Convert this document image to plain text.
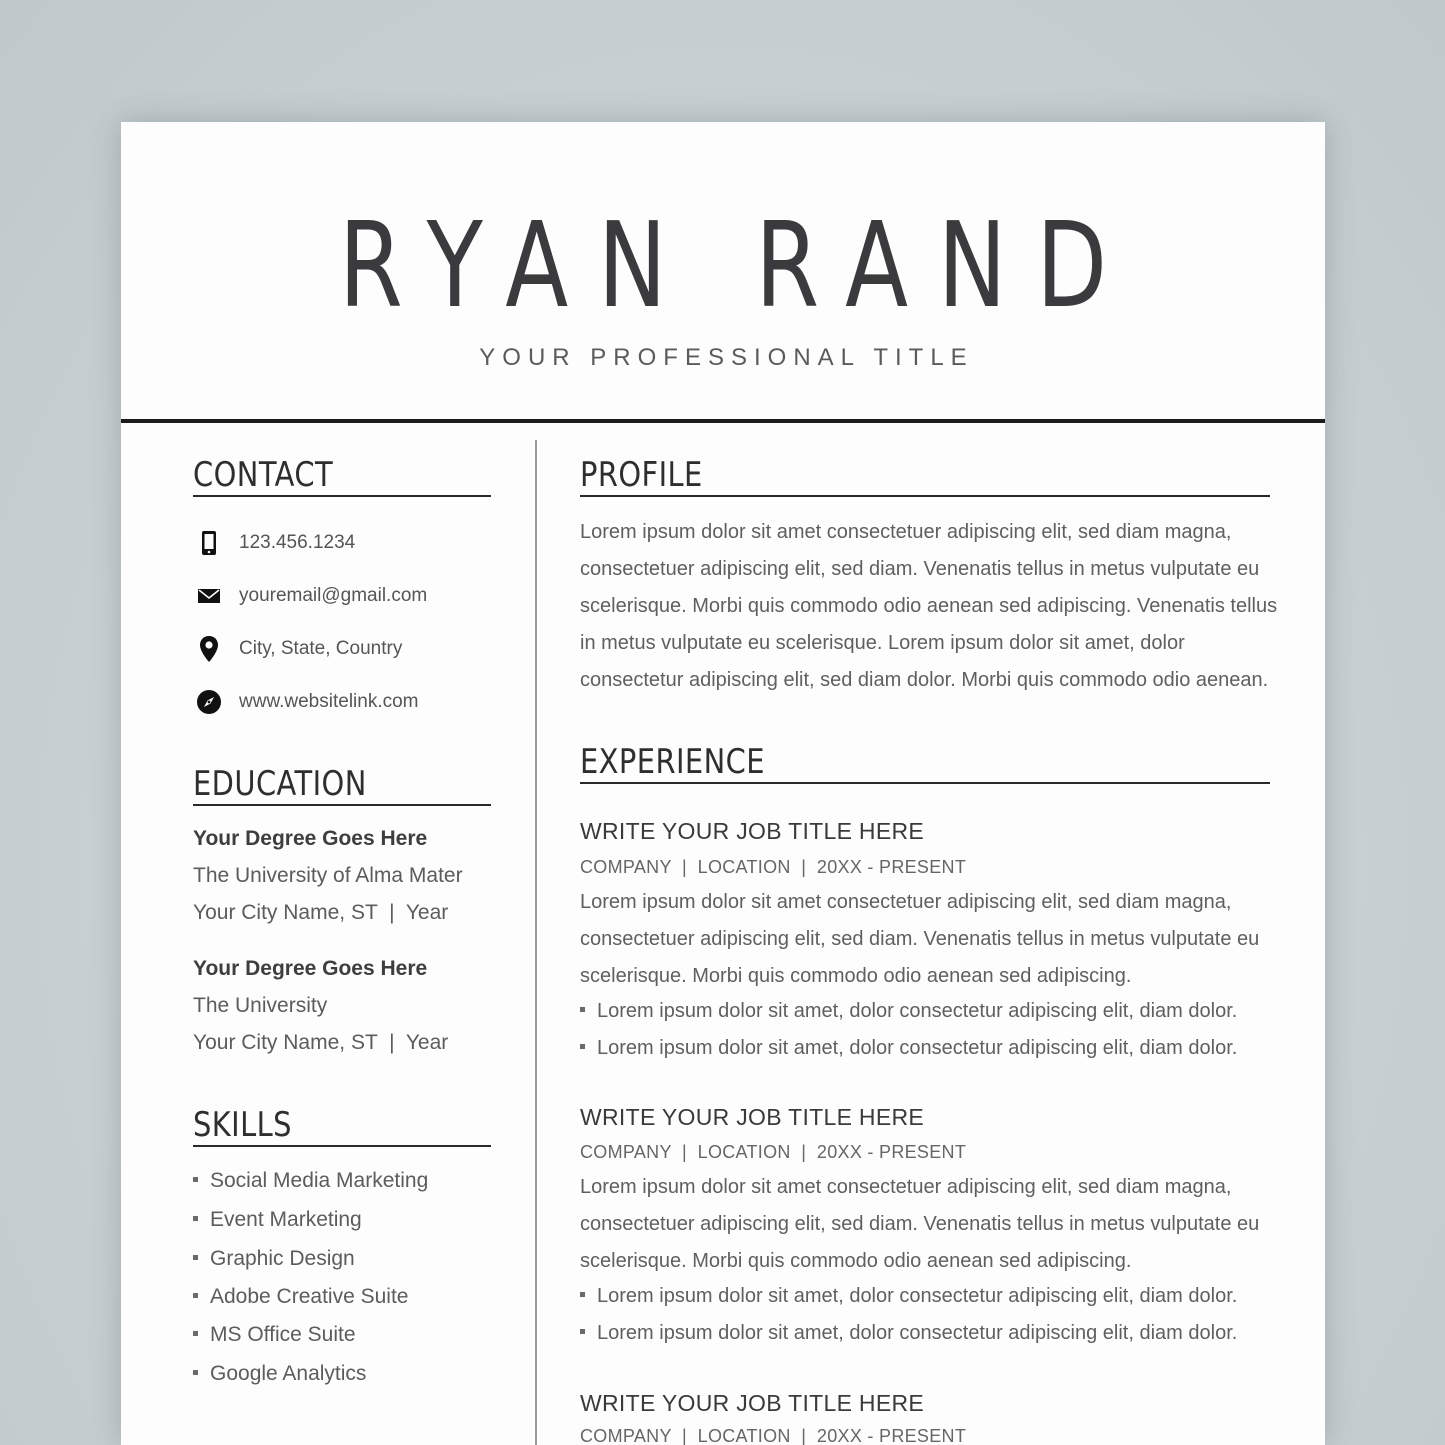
RYAN RAND
YOUR PROFESSIONAL TITLE
CONTACT
123.456.1234
youremail@gmail.com
City, State, Country
www.websitelink.com
EDUCATION
Your Degree Goes Here
The University of Alma Mater
Your City Name, ST  |  Year
Your Degree Goes Here
The University
Your City Name, ST  |  Year
SKILLS
Social Media Marketing
Event Marketing
Graphic Design
Adobe Creative Suite
MS Office Suite
Google Analytics
PROFILE
Lorem ipsum dolor sit amet consectetuer adipiscing elit, sed diam magna,
consectetuer adipiscing elit, sed diam. Venenatis tellus in metus vulputate eu
scelerisque. Morbi quis commodo odio aenean sed adipiscing. Venenatis tellus
in metus vulputate eu scelerisque. Lorem ipsum dolor sit amet, dolor
consectetur adipiscing elit, sed diam dolor. Morbi quis commodo odio aenean.
EXPERIENCE
WRITE YOUR JOB TITLE HERE
COMPANY  |  LOCATION  |  20XX - PRESENT
Lorem ipsum dolor sit amet consectetuer adipiscing elit, sed diam magna,
consectetuer adipiscing elit, sed diam. Venenatis tellus in metus vulputate eu
scelerisque. Morbi quis commodo odio aenean sed adipiscing.
Lorem ipsum dolor sit amet, dolor consectetur adipiscing elit, diam dolor.
Lorem ipsum dolor sit amet, dolor consectetur adipiscing elit, diam dolor.
WRITE YOUR JOB TITLE HERE
COMPANY  |  LOCATION  |  20XX - PRESENT
Lorem ipsum dolor sit amet consectetuer adipiscing elit, sed diam magna,
consectetuer adipiscing elit, sed diam. Venenatis tellus in metus vulputate eu
scelerisque. Morbi quis commodo odio aenean sed adipiscing.
Lorem ipsum dolor sit amet, dolor consectetur adipiscing elit, diam dolor.
Lorem ipsum dolor sit amet, dolor consectetur adipiscing elit, diam dolor.
WRITE YOUR JOB TITLE HERE
COMPANY  |  LOCATION  |  20XX - PRESENT
